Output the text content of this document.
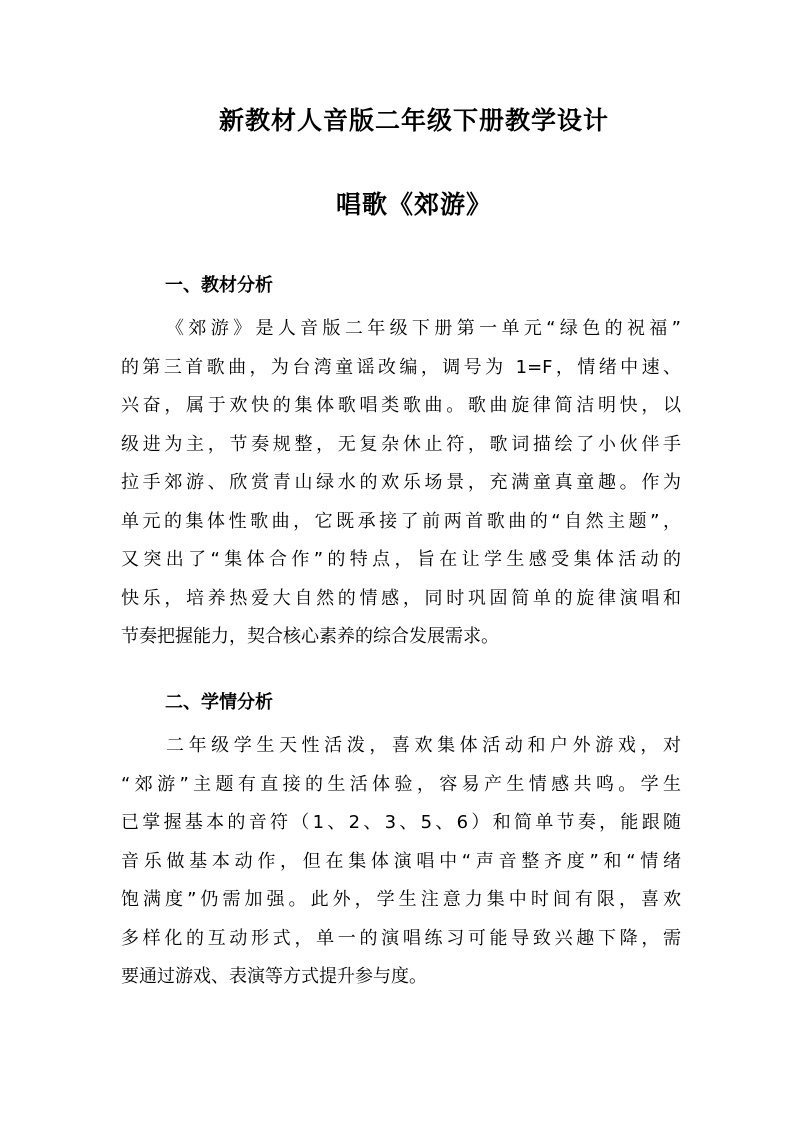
新教材人音版二年级下册教学设计
唱歌《郊游》
一、教材分析
《郊游》是人音版二年级下册第一单元“绿色的祝福”
的第三首歌曲，为台湾童谣改编，调号为 1=F，情绪中速、
兴奋，属于欢快的集体歌唱类歌曲。歌曲旋律简洁明快，以
级进为主，节奏规整，无复杂休止符，歌词描绘了小伙伴手
拉手郊游、欣赏青山绿水的欢乐场景，充满童真童趣。作为
单元的集体性歌曲，它既承接了前两首歌曲的“自然主题”，
又突出了“集体合作”的特点，旨在让学生感受集体活动的
快乐，培养热爱大自然的情感，同时巩固简单的旋律演唱和
节奏把握能力，契合核心素养的综合发展需求。
二、学情分析
二年级学生天性活泼，喜欢集体活动和户外游戏，对
“郊游”主题有直接的生活体验，容易产生情感共鸣。学生
已掌握基本的音符（1、2、3、5、6）和简单节奏，能跟随
音乐做基本动作，但在集体演唱中“声音整齐度”和“情绪
饱满度”仍需加强。此外，学生注意力集中时间有限，喜欢
多样化的互动形式，单一的演唱练习可能导致兴趣下降，需
要通过游戏、表演等方式提升参与度。
